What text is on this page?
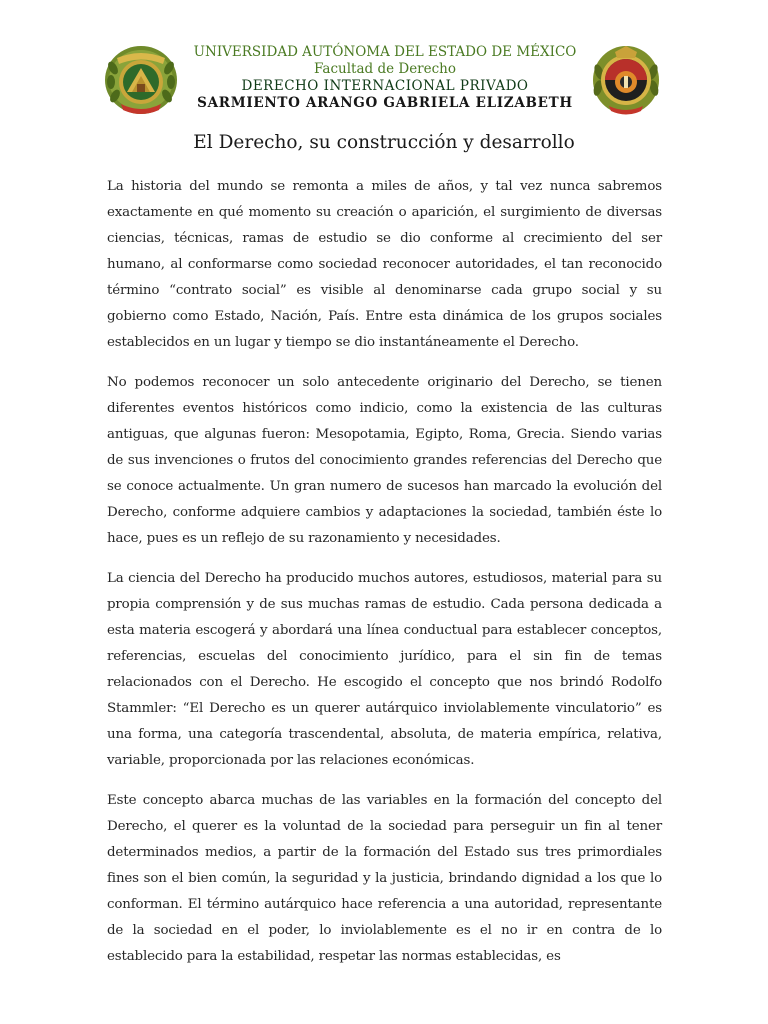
UNIVERSIDAD AUTÓNOMA DEL ESTADO DE MÉXICO
Facultad de Derecho
DERECHO INTERNACIONAL PRIVADO
SARMIENTO ARANGO GABRIELA ELIZABETH
El Derecho, su construcción y desarrollo

La historia del mundo se remonta a miles de años, y tal vez nunca sabremos exactamente en qué momento su creación o aparición, el surgimiento de diversas ciencias, técnicas, ramas de estudio se dio conforme al crecimiento del ser humano, al conformarse como sociedad reconocer autoridades, el tan reconocido término “contrato social” es visible al denominarse cada grupo social y su gobierno como Estado, Nación, País. Entre esta dinámica de los grupos sociales establecidos en un lugar y tiempo se dio instantáneamente el Derecho.

No podemos reconocer un solo antecedente originario del Derecho, se tienen diferentes eventos históricos como indicio, como la existencia de las culturas antiguas, que algunas fueron: Mesopotamia, Egipto, Roma, Grecia. Siendo varias de sus invenciones o frutos del conocimiento grandes referencias del Derecho que se conoce actualmente. Un gran numero de sucesos han marcado la evolución del Derecho, conforme adquiere cambios y adaptaciones la sociedad, también éste lo hace, pues es un reflejo de su razonamiento y necesidades.

La ciencia del Derecho ha producido muchos autores, estudiosos, material para su propia comprensión y de sus muchas ramas de estudio. Cada persona dedicada a esta materia escogerá y abordará una línea conductual para establecer conceptos, referencias, escuelas del conocimiento jurídico, para el sin fin de temas relacionados con el Derecho. He escogido el concepto que nos brindó Rodolfo Stammler: “El Derecho es un querer autárquico inviolablemente vinculatorio” es una forma, una categoría trascendental, absoluta, de materia empírica, relativa, variable, proporcionada por las relaciones económicas.

Este concepto abarca muchas de las variables en la formación del concepto del Derecho, el querer es la voluntad de la sociedad para perseguir un fin al tener determinados medios, a partir de la formación del Estado sus tres primordiales fines son el bien común, la seguridad y la justicia, brindando dignidad a los que lo conforman. El término autárquico hace referencia a una autoridad, representante de la sociedad en el poder, lo inviolablemente es el no ir en contra de lo establecido para la estabilidad, respetar las normas establecidas, es
